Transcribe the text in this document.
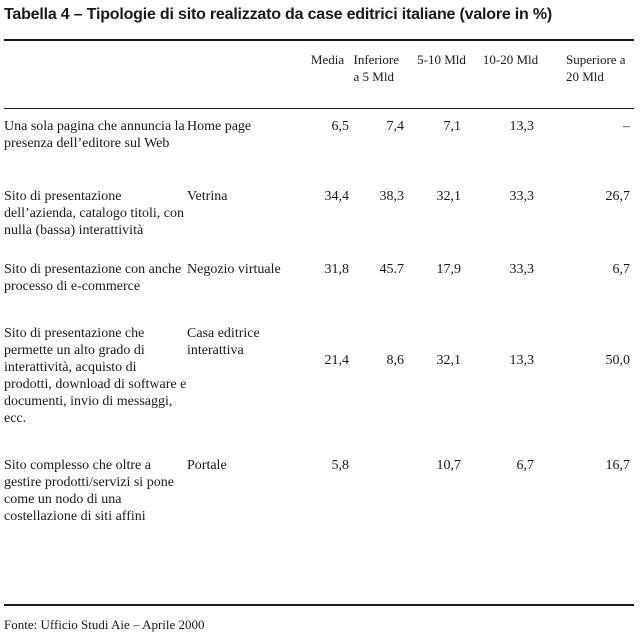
Tabella 4 – Tipologie di sito realizzato da case editrici italiane (valore in %)
		Media	Inferiore a 5 Mld	5-10 Mld	10-20 Mld	Superiore a 20 Mld
Una sola pagina che annuncia la presenza dell’editore sul Web	Home page	6,5	7,4	7,1	13,3	–
Sito di presentazione dell’azienda, catalogo titoli, con nulla (bassa) interattività	Vetrina	34,4	38,3	32,1	33,3	26,7
Sito di presentazione con anche processo di e-commerce	Negozio virtuale	31,8	45.7	17,9	33,3	6,7
Sito di presentazione che permette un alto grado di interattività, acquisto di prodotti, download di software e documenti, invio di messaggi, ecc.	Casa editrice interattiva	21,4	8,6	32,1	13,3	50,0
Sito complesso che oltre a gestire prodotti/servizi si pone come un nodo di una costellazione di siti affini	Portale	5,8		10,7	6,7	16,7
Fonte: Ufficio Studi Aie – Aprile 2000
